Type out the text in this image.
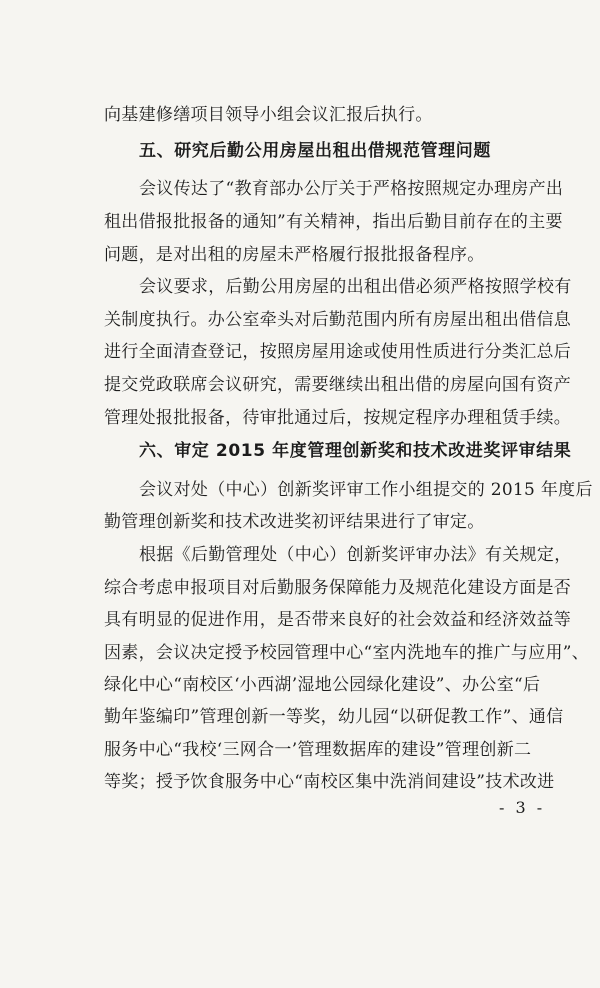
向基建修缮项目领导小组会议汇报后执行。
五、研究后勤公用房屋出租出借规范管理问题
会议传达了“教育部办公厅关于严格按照规定办理房产出
租出借报批报备的通知”有关精神，指出后勤目前存在的主要
问题，是对出租的房屋未严格履行报批报备程序。
会议要求，后勤公用房屋的出租出借必须严格按照学校有
关制度执行。办公室牵头对后勤范围内所有房屋出租出借信息
进行全面清查登记，按照房屋用途或使用性质进行分类汇总后
提交党政联席会议研究，需要继续出租出借的房屋向国有资产
管理处报批报备，待审批通过后，按规定程序办理租赁手续。
六、审定 2015 年度管理创新奖和技术改进奖评审结果
会议对处（中心）创新奖评审工作小组提交的 2015 年度后
勤管理创新奖和技术改进奖初评结果进行了审定。
根据《后勤管理处（中心）创新奖评审办法》有关规定，
综合考虑申报项目对后勤服务保障能力及规范化建设方面是否
具有明显的促进作用，是否带来良好的社会效益和经济效益等
因素，会议决定授予校园管理中心“室内洗地车的推广与应用”、
绿化中心“南校区‘小西湖’湿地公园绿化建设”、办公室“后
勤年鉴编印”管理创新一等奖，幼儿园“以研促教工作”、通信
服务中心“我校‘三网合一’管理数据库的建设”管理创新二
等奖；授予饮食服务中心“南校区集中洗消间建设”技术改进
- 3 -
